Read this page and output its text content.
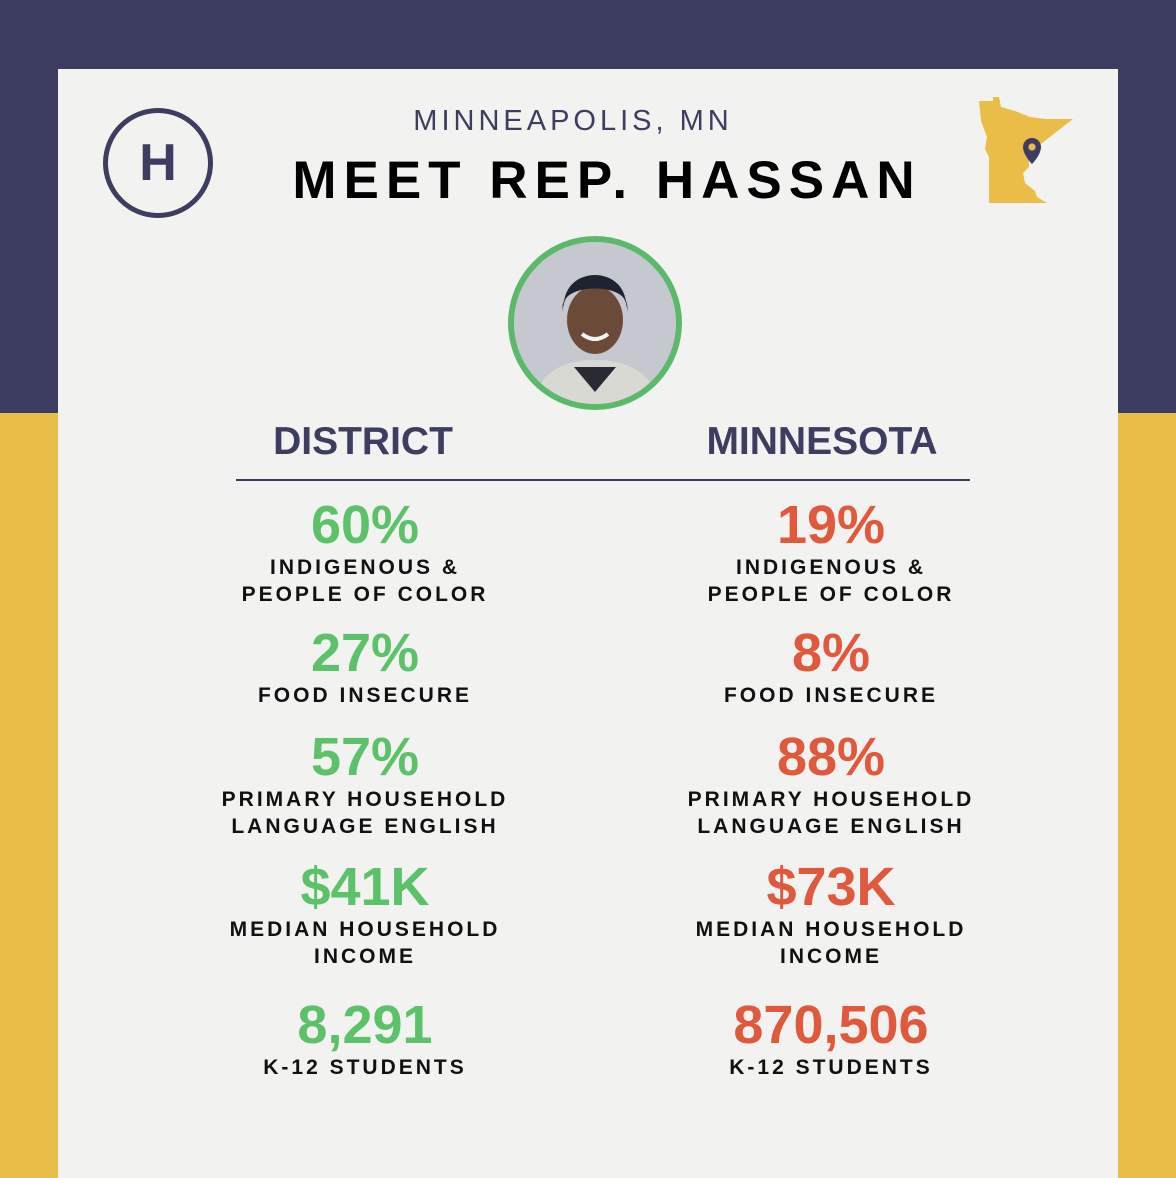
H
MINNEAPOLIS, MN
MEET REP. HASSAN
DISTRICT	MINNESOTA
60%
INDIGENOUS &
PEOPLE OF COLOR
27%
FOOD INSECURE
57%
PRIMARY HOUSEHOLD
LANGUAGE ENGLISH
$41K
MEDIAN HOUSEHOLD
INCOME
8,291
K-12 STUDENTS
19%
INDIGENOUS &
PEOPLE OF COLOR
8%
FOOD INSECURE
88%
PRIMARY HOUSEHOLD
LANGUAGE ENGLISH
$73K
MEDIAN HOUSEHOLD
INCOME
870,506
K-12 STUDENTS
